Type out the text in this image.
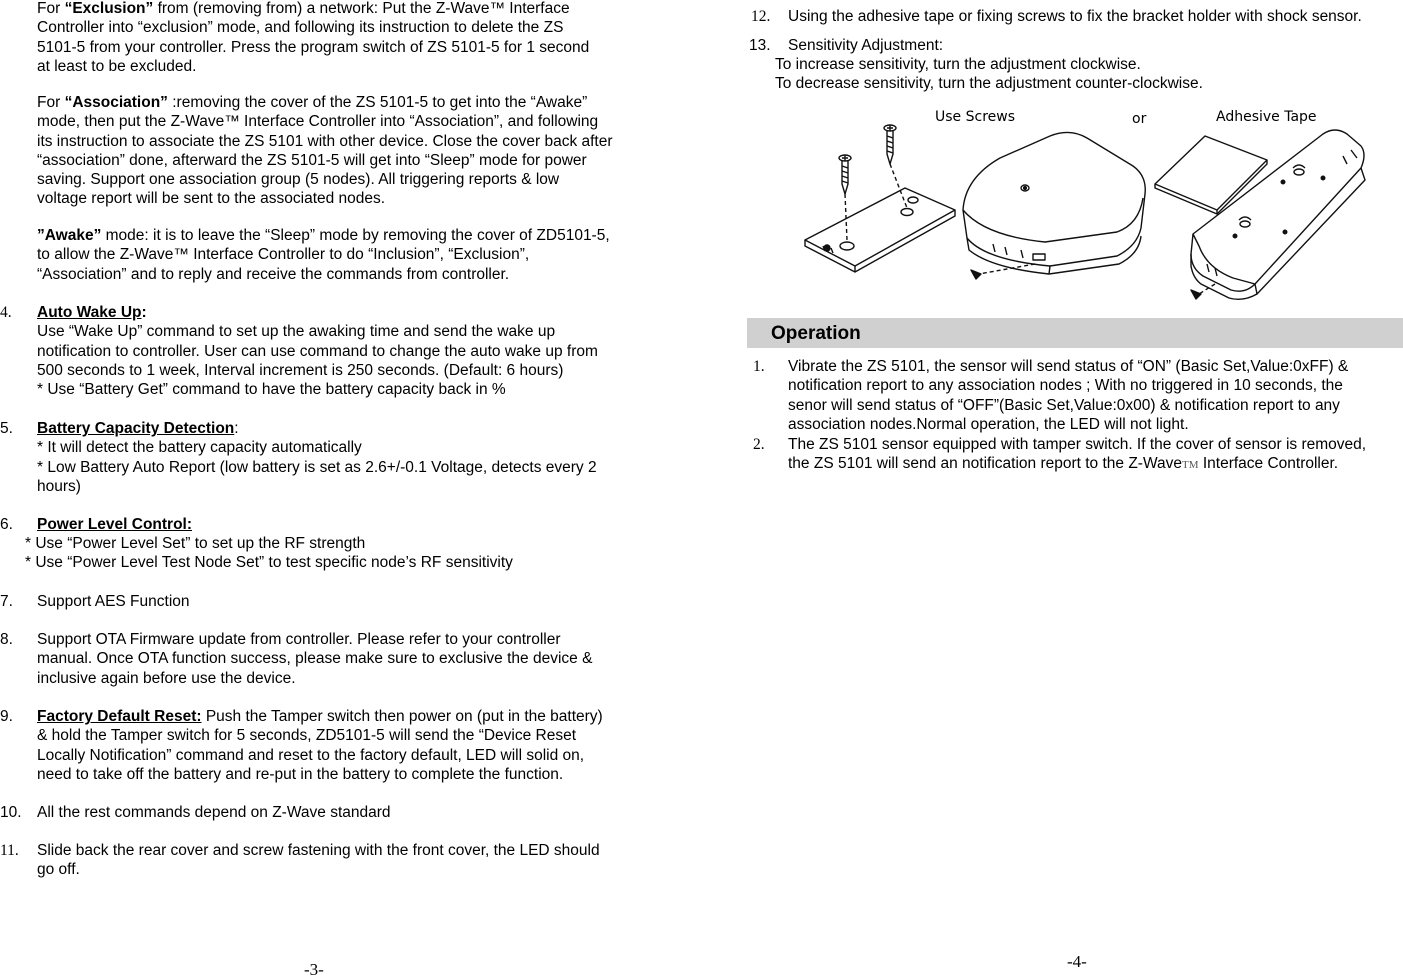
For “Exclusion” from (removing from) a network: Put the Z-Wave™ Interface

Controller into “exclusion” mode, and following its instruction to delete the ZS

5101-5 from your controller. Press the program switch of ZS 5101-5 for 1 second

at least to be excluded.

For “Association” :removing the cover of the ZS 5101-5 to get into the “Awake”

mode, then put the Z-Wave™ Interface Controller into “Association”, and following

its instruction to associate the ZS 5101 with other device. Close the cover back after

“association” done, afterward the ZS 5101-5 will get into “Sleep” mode for power

saving. Support one association group (5 nodes). All triggering reports & low

voltage report will be sent to the associated nodes.

”Awake” mode: it is to leave the “Sleep” mode by removing the cover of ZD5101-5,

to allow the Z-Wave™ Interface Controller to do “Inclusion”, “Exclusion”,

“Association” and to reply and receive the commands from controller.

4. Auto Wake Up:

Use “Wake Up” command to set up the awaking time and send the wake up

notification to controller. User can use command to change the auto wake up from

500 seconds to 1 week, Interval increment is 250 seconds. (Default: 6 hours)

* Use “Battery Get” command to have the battery capacity back in %

5. Battery Capacity Detection:

* It will detect the battery capacity automatically

* Low Battery Auto Report (low battery is set as 2.6+/-0.1 Voltage, detects every 2

hours)

6. Power Level Control:

* Use “Power Level Set” to set up the RF strength

* Use “Power Level Test Node Set” to test specific node’s RF sensitivity

7. Support AES Function

8. Support OTA Firmware update from controller. Please refer to your controller

manual. Once OTA function success, please make sure to exclusive the device &

inclusive again before use the device.

9. Factory Default Reset: Push the Tamper switch then power on (put in the battery)

& hold the Tamper switch for 5 seconds, ZD5101-5 will send the “Device Reset

Locally Notification” command and reset to the factory default, LED will solid on,

need to take off the battery and re-put in the battery to complete the function.

10. All the rest commands depend on Z-Wave standard

11. Slide back the rear cover and screw fastening with the front cover, the LED should

go off.

-3-
12. Using the adhesive tape or fixing screws to fix the bracket holder with shock sensor.

13. Sensitivity Adjustment:

To increase sensitivity, turn the adjustment clockwise.

To decrease sensitivity, turn the adjustment counter-clockwise.

Use Screws	or	Adhesive Tape
Operation
1. Vibrate the ZS 5101, the sensor will send status of “ON” (Basic Set,Value:0xFF) &

notification report to any association nodes ; With no triggered in 10 seconds, the

senor will send status of “OFF”(Basic Set,Value:0x00) & notification report to any

association nodes.Normal operation, the LED will not light.

2. The ZS 5101 sensor equipped with tamper switch. If the cover of sensor is removed,

the ZS 5101 will send an notification report to the Z-WaveTM Interface Controller.

-4-
